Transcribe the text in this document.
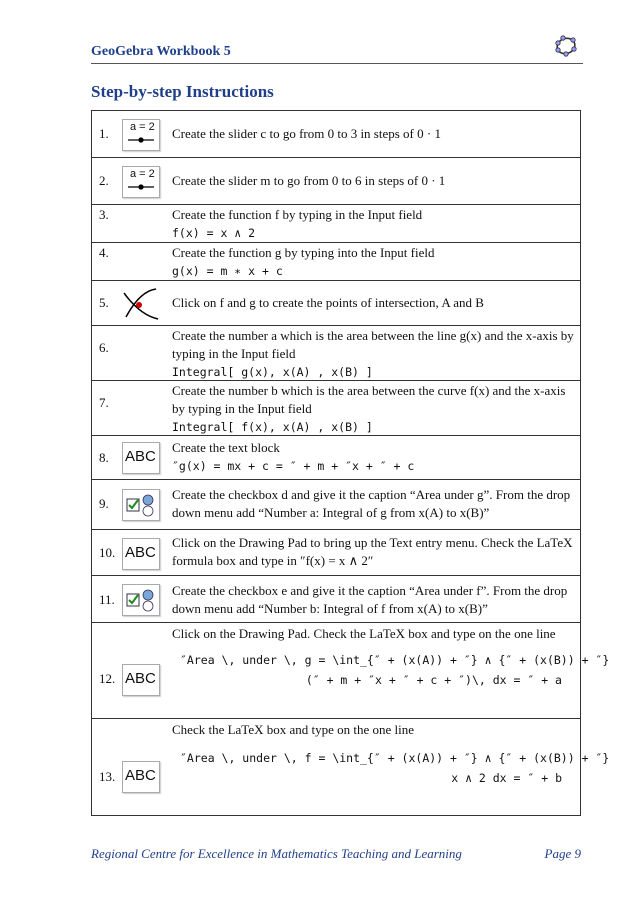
GeoGebra Workbook 5
Step-by-step Instructions
1. a = 2 Create the slider c to go from 0 to 3 in steps of 0 · 1
2. a = 2 Create the slider m to go from 0 to 6 in steps of 0 · 1
3.	Create the function f by typing in the Input field
f(x) = x ∧ 2
4.	Create the function g by typing into the Input field
g(x) = m ∗ x + c
5.	Click on f and g to create the points of intersection, A and B
6.
Create the number a which is the area between the line g(x) and the x-axis by typing in the Input field
Integral[ g(x), x(A) , x(B) ]
7.
Create the number b which is the area between the curve f(x) and the x-axis by typing in the Input field
Integral[ f(x), x(A) , x(B) ]
8. ABC
Create the text block
″g(x) = mx + c = ″ + m + ″x + ″ + c
9.
Create the checkbox d and give it the caption “Area under g”. From the drop down menu add “Number a: Integral of g from x(A) to x(B)”
10. ABC
Click on the Drawing Pad to bring up the Text entry menu. Check the LaTeX formula box and type in ″f(x) = x ∧ 2″
11.
Create the checkbox e and give it the caption “Area under f”. From the drop down menu add “Number b: Integral of f from x(A) to x(B)”
12. ABC
Click on the Drawing Pad. Check the LaTeX box and type on the one line
″Area \, under \, g = \int_{″ + (x(A)) + ″} ∧ {″ + (x(B)) + ″}
(″ + m + ″x + ″ + c + ″)\, dx = ″ + a
13. ABC
Check the LaTeX box and type on the one line
″Area \, under \, f = \int_{″ + (x(A)) + ″} ∧ {″ + (x(B)) + ″}
x ∧ 2 dx = ″ + b
Regional Centre for Excellence in Mathematics Teaching and Learning	Page 9
